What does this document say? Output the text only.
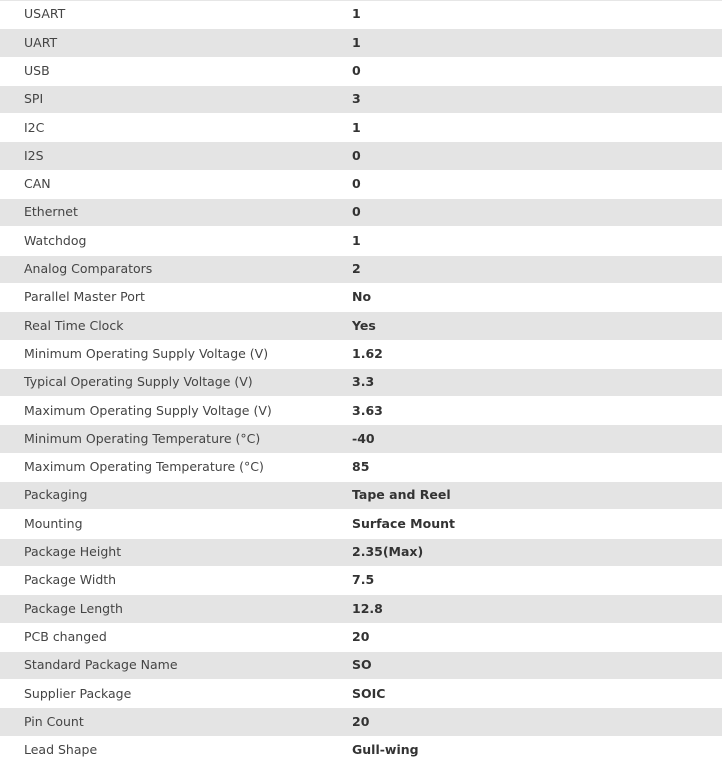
USART	1
UART	1
USB	0
SPI	3
I2C	1
I2S	0
CAN	0
Ethernet	0
Watchdog	1
Analog Comparators	2
Parallel Master Port	No
Real Time Clock	Yes
Minimum Operating Supply Voltage (V)	1.62
Typical Operating Supply Voltage (V)	3.3
Maximum Operating Supply Voltage (V)	3.63
Minimum Operating Temperature (°C)	-40
Maximum Operating Temperature (°C)	85
Packaging	Tape and Reel
Mounting	Surface Mount
Package Height	2.35(Max)
Package Width	7.5
Package Length	12.8
PCB changed	20
Standard Package Name	SO
Supplier Package	SOIC
Pin Count	20
Lead Shape	Gull-wing
